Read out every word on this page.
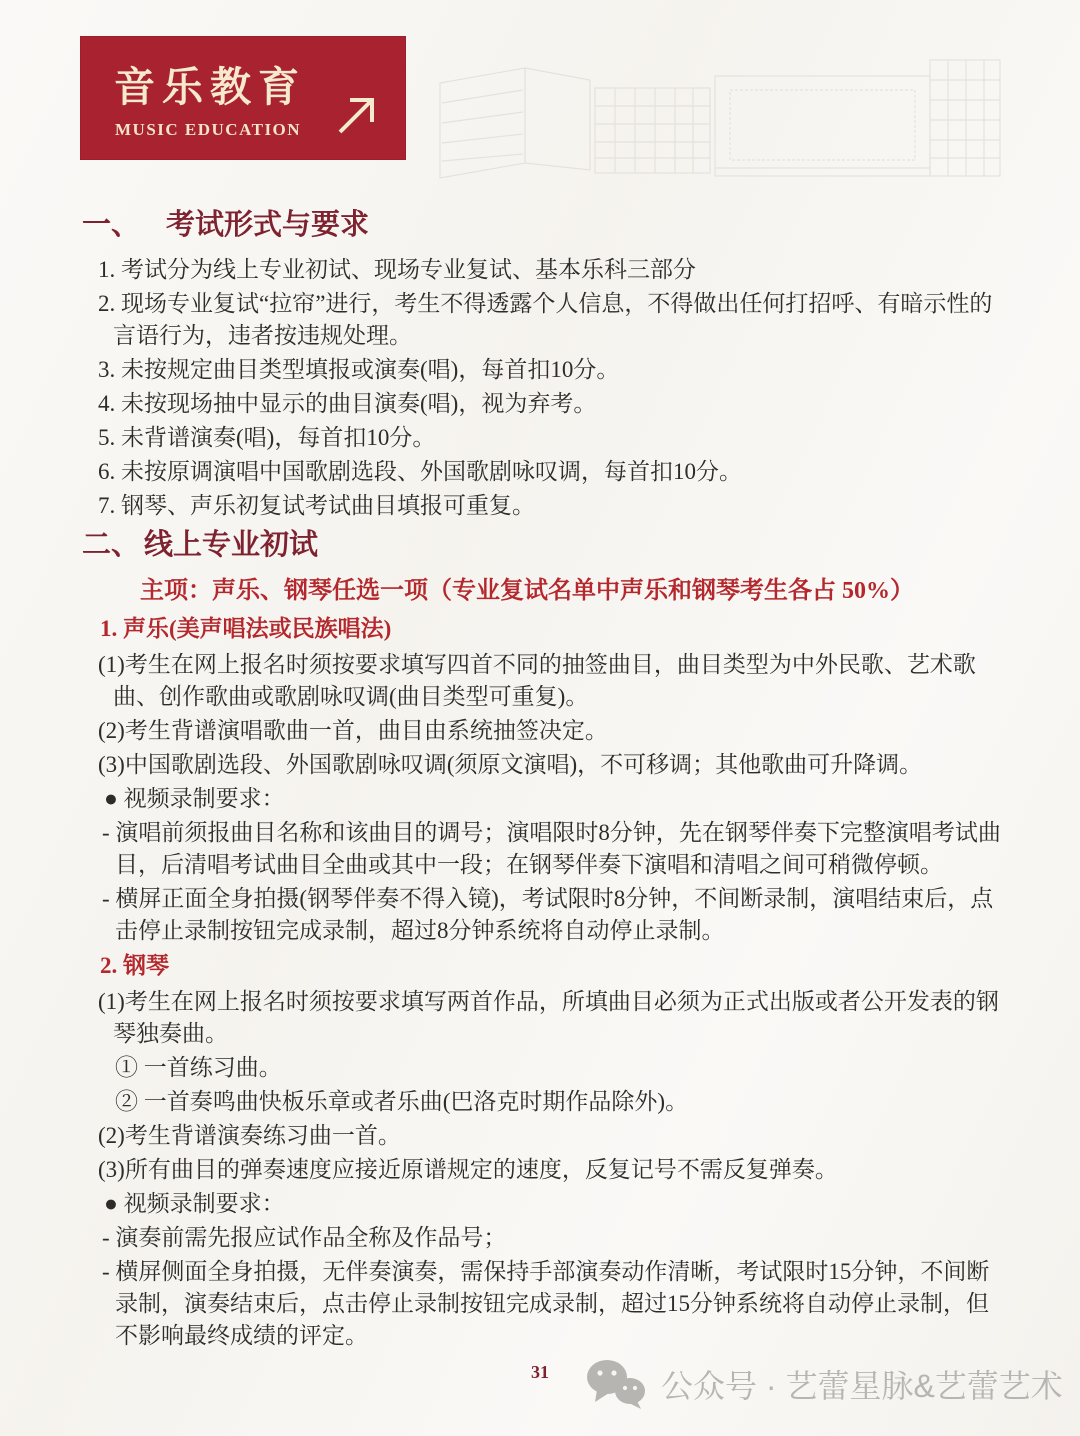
音乐教育
MUSIC EDUCATION
一、 考试形式与要求
1. 考试分为线上专业初试、现场专业复试、基本乐科三部分
2. 现场专业复试“拉帘”进行，考生不得透露个人信息，不得做出任何打招呼、有暗示性的言语行为，违者按违规处理。
3. 未按规定曲目类型填报或演奏(唱)，每首扣10分。
4. 未按现场抽中显示的曲目演奏(唱)，视为弃考。
5. 未背谱演奏(唱)，每首扣10分。
6. 未按原调演唱中国歌剧选段、外国歌剧咏叹调，每首扣10分。
7. 钢琴、声乐初复试考试曲目填报可重复。
二、 线上专业初试
主项：声乐、钢琴任选一项（专业复试名单中声乐和钢琴考生各占 50%）
1. 声乐(美声唱法或民族唱法)
(1)考生在网上报名时须按要求填写四首不同的抽签曲目，曲目类型为中外民歌、艺术歌曲、创作歌曲或歌剧咏叹调(曲目类型可重复)。
(2)考生背谱演唱歌曲一首，曲目由系统抽签决定。
(3)中国歌剧选段、外国歌剧咏叹调(须原文演唱)，不可移调；其他歌曲可升降调。
● 视频录制要求：
- 演唱前须报曲目名称和该曲目的调号；演唱限时8分钟，先在钢琴伴奏下完整演唱考试曲目，后清唱考试曲目全曲或其中一段；在钢琴伴奏下演唱和清唱之间可稍微停顿。
- 横屏正面全身拍摄(钢琴伴奏不得入镜)，考试限时8分钟，不间断录制，演唱结束后，点击停止录制按钮完成录制，超过8分钟系统将自动停止录制。
2. 钢琴
(1)考生在网上报名时须按要求填写两首作品，所填曲目必须为正式出版或者公开发表的钢琴独奏曲。
① 一首练习曲。
② 一首奏鸣曲快板乐章或者乐曲(巴洛克时期作品除外)。
(2)考生背谱演奏练习曲一首。
(3)所有曲目的弹奏速度应接近原谱规定的速度，反复记号不需反复弹奏。
● 视频录制要求：
- 演奏前需先报应试作品全称及作品号；
- 横屏侧面全身拍摄，无伴奏演奏，需保持手部演奏动作清晰，考试限时15分钟，不间断录制，演奏结束后，点击停止录制按钮完成录制，超过15分钟系统将自动停止录制，但不影响最终成绩的评定。
31	公众号 · 艺蕾星脉&艺蕾艺术
